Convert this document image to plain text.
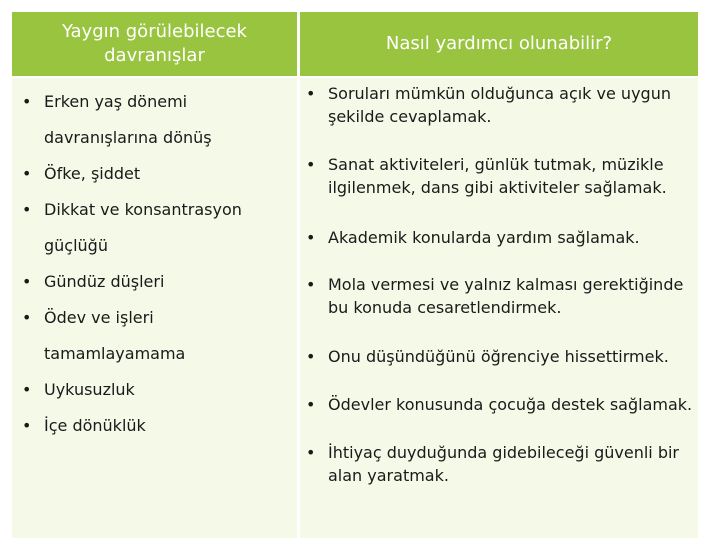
Yaygın görülebilecek davranışlar
Nasıl yardımcı olunabilir?
• Erken yaş dönemi
davranışlarına dönüş
• Öfke, şiddet
• Dikkat ve konsantrasyon
güçlüğü
• Gündüz düşleri
• Ödev ve işleri
tamamlayamama
• Uykusuzluk
• İçe dönüklük
• Soruları mümkün olduğunca açık ve uygun şekilde cevaplamak.
• Sanat aktiviteleri, günlük tutmak, müzikle ilgilenmek, dans gibi aktiviteler sağlamak.
• Akademik konularda yardım sağlamak.
• Mola vermesi ve yalnız kalması gerektiğinde bu konuda cesaretlendirmek.
• Onu düşündüğünü öğrenciye hissettirmek.
• Ödevler konusunda çocuğa destek sağlamak.
• İhtiyaç duyduğunda gidebileceği güvenli bir alan yaratmak.
